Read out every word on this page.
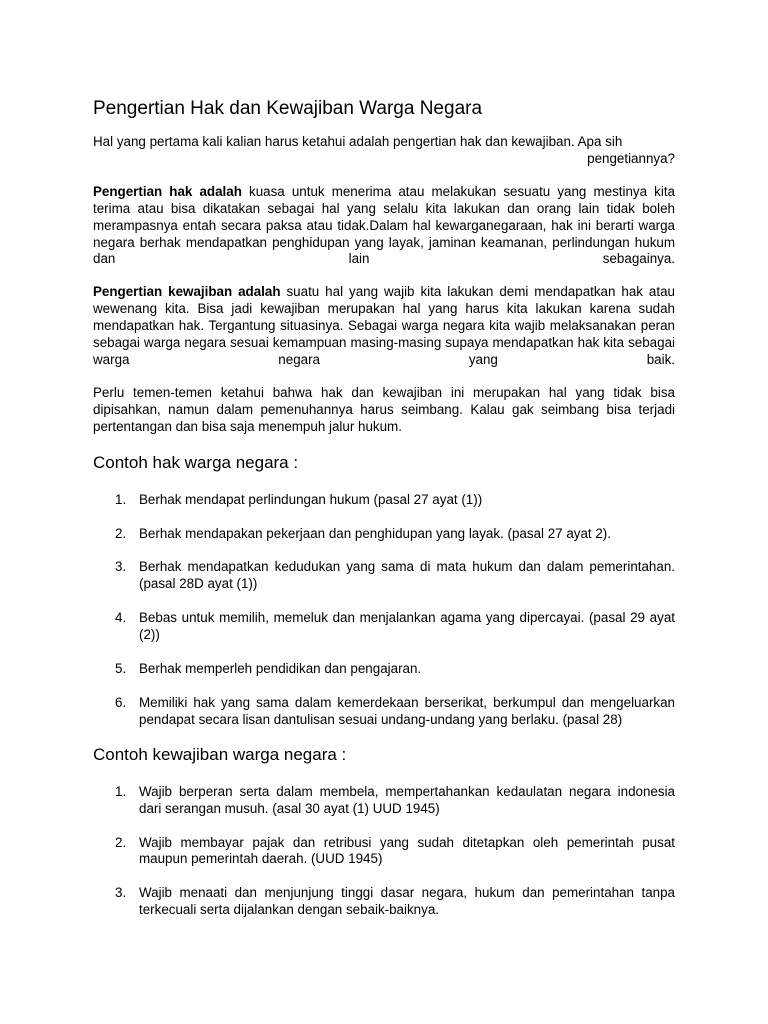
Pengertian Hak dan Kewajiban Warga Negara

Hal yang pertama kali kalian harus ketahui adalah pengertian hak dan kewajiban. Apa sih

pengetiannya?

Pengertian hak adalah kuasa untuk menerima atau melakukan sesuatu yang mestinya kita terima atau bisa dikatakan sebagai hal yang selalu kita lakukan dan orang lain tidak boleh merampasnya entah secara paksa atau tidak.Dalam hal kewarganegaraan, hak ini berarti warga negara berhak mendapatkan penghidupan yang layak, jaminan keamanan, perlindungan hukum dan lain sebagainya.

Pengertian kewajiban adalah suatu hal yang wajib kita lakukan demi mendapatkan hak atau wewenang kita. Bisa jadi kewajiban merupakan hal yang harus kita lakukan karena sudah mendapatkan hak. Tergantung situasinya. Sebagai warga negara kita wajib melaksanakan peran sebagai warga negara sesuai kemampuan masing-masing supaya mendapatkan hak kita sebagai warga negara yang baik.

Perlu temen-temen ketahui bahwa hak dan kewajiban ini merupakan hal yang tidak bisa dipisahkan, namun dalam pemenuhannya harus seimbang. Kalau gak seimbang bisa terjadi pertentangan dan bisa saja menempuh jalur hukum.

Contoh hak warga negara :
1. Berhak mendapat perlindungan hukum (pasal 27 ayat (1))
2. Berhak mendapakan pekerjaan dan penghidupan yang layak. (pasal 27 ayat 2).
3. Berhak mendapatkan kedudukan yang sama di mata hukum dan dalam pemerintahan. (pasal 28D ayat (1))
4. Bebas untuk memilih, memeluk dan menjalankan agama yang dipercayai. (pasal 29 ayat (2))
5. Berhak memperleh pendidikan dan pengajaran.
6. Memiliki hak yang sama dalam kemerdekaan berserikat, berkumpul dan mengeluarkan pendapat secara lisan dantulisan sesuai undang-undang yang berlaku. (pasal 28)
Contoh kewajiban warga negara :
1. Wajib berperan serta dalam membela, mempertahankan kedaulatan negara indonesia dari serangan musuh. (asal 30 ayat (1) UUD 1945)
2. Wajib membayar pajak dan retribusi yang sudah ditetapkan oleh pemerintah pusat maupun pemerintah daerah. (UUD 1945)
3. Wajib menaati dan menjunjung tinggi dasar negara, hukum dan pemerintahan tanpa terkecuali serta dijalankan dengan sebaik-baiknya.
